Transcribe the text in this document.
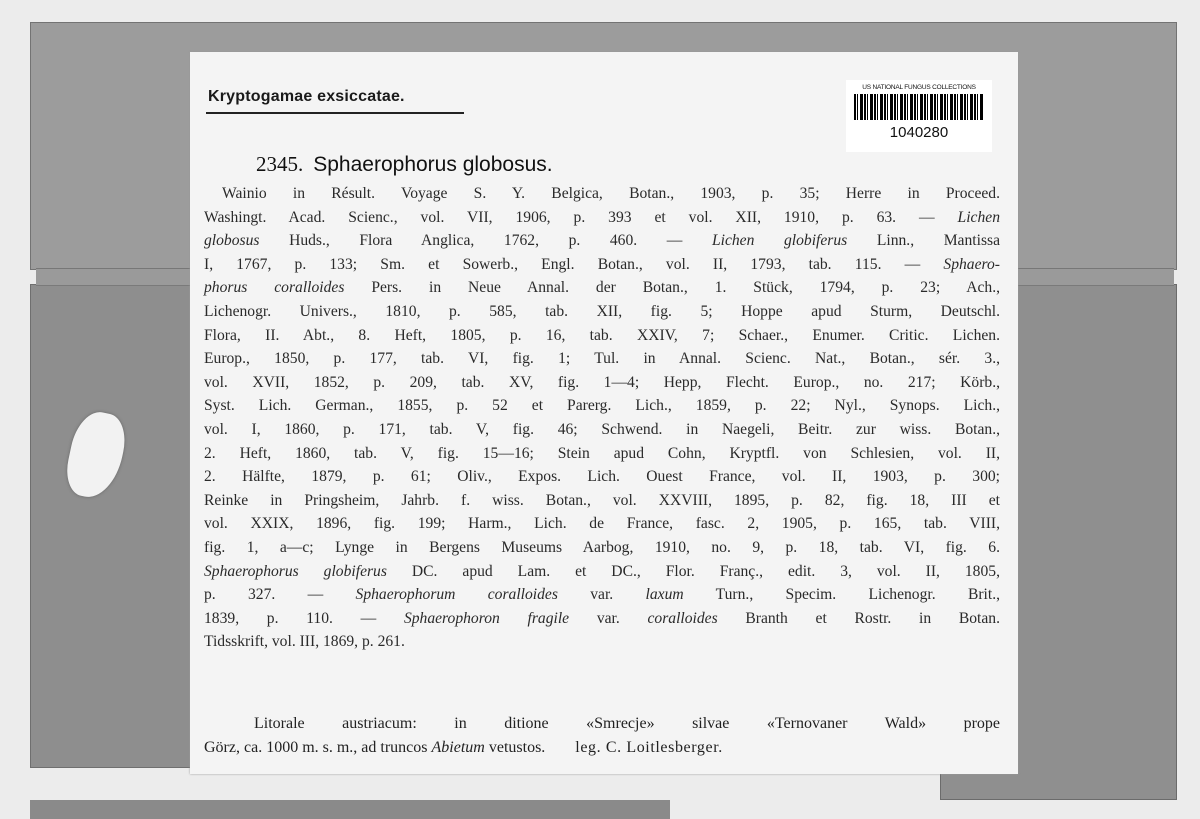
Kryptogamae exsiccatae.
US NATIONAL FUNGUS COLLECTIONS
1040280
2345. Sphaerophorus globosus.
Wainio in Résult. Voyage S. Y. Belgica, Botan., 1903, p. 35; Herre in Proceed.
Washingt. Acad. Scienc., vol. VII, 1906, p. 393 et vol. XII, 1910, p. 63. — Lichen
globosus Huds., Flora Anglica, 1762, p. 460. — Lichen globiferus Linn., Mantissa
I, 1767, p. 133; Sm. et Sowerb., Engl. Botan., vol. II, 1793, tab. 115. — Sphaero-
phorus coralloides Pers. in Neue Annal. der Botan., 1. Stück, 1794, p. 23; Ach.,
Lichenogr. Univers., 1810, p. 585, tab. XII, fig. 5; Hoppe apud Sturm, Deutschl.
Flora, II. Abt., 8. Heft, 1805, p. 16, tab. XXIV, 7; Schaer., Enumer. Critic. Lichen.
Europ., 1850, p. 177, tab. VI, fig. 1; Tul. in Annal. Scienc. Nat., Botan., sér. 3.,
vol. XVII, 1852, p. 209, tab. XV, fig. 1—4; Hepp, Flecht. Europ., no. 217; Körb.,
Syst. Lich. German., 1855, p. 52 et Parerg. Lich., 1859, p. 22; Nyl., Synops. Lich.,
vol. I, 1860, p. 171, tab. V, fig. 46; Schwend. in Naegeli, Beitr. zur wiss. Botan.,
2. Heft, 1860, tab. V, fig. 15—16; Stein apud Cohn, Kryptfl. von Schlesien, vol. II,
2. Hälfte, 1879, p. 61; Oliv., Expos. Lich. Ouest France, vol. II, 1903, p. 300;
Reinke in Pringsheim, Jahrb. f. wiss. Botan., vol. XXVIII, 1895, p. 82, fig. 18, III et
vol. XXIX, 1896, fig. 199; Harm., Lich. de France, fasc. 2, 1905, p. 165, tab. VIII,
fig. 1, a—c; Lynge in Bergens Museums Aarbog, 1910, no. 9, p. 18, tab. VI, fig. 6.
Sphaerophorus globiferus DC. apud Lam. et DC., Flor. Franç., edit. 3, vol. II, 1805,
p. 327. — Sphaerophorum coralloides var. laxum Turn., Specim. Lichenogr. Brit.,
1839, p. 110. — Sphaerophoron fragile var. coralloides Branth et Rostr. in Botan.
Tidsskrift, vol. III, 1869, p. 261.
Litorale austriacum: in ditione «Smrecje» silvae «Ternovaner Wald» prope
Görz, ca. 1000 m. s. m., ad truncos Abietum vetustos. leg. C. Loitlesberger.
